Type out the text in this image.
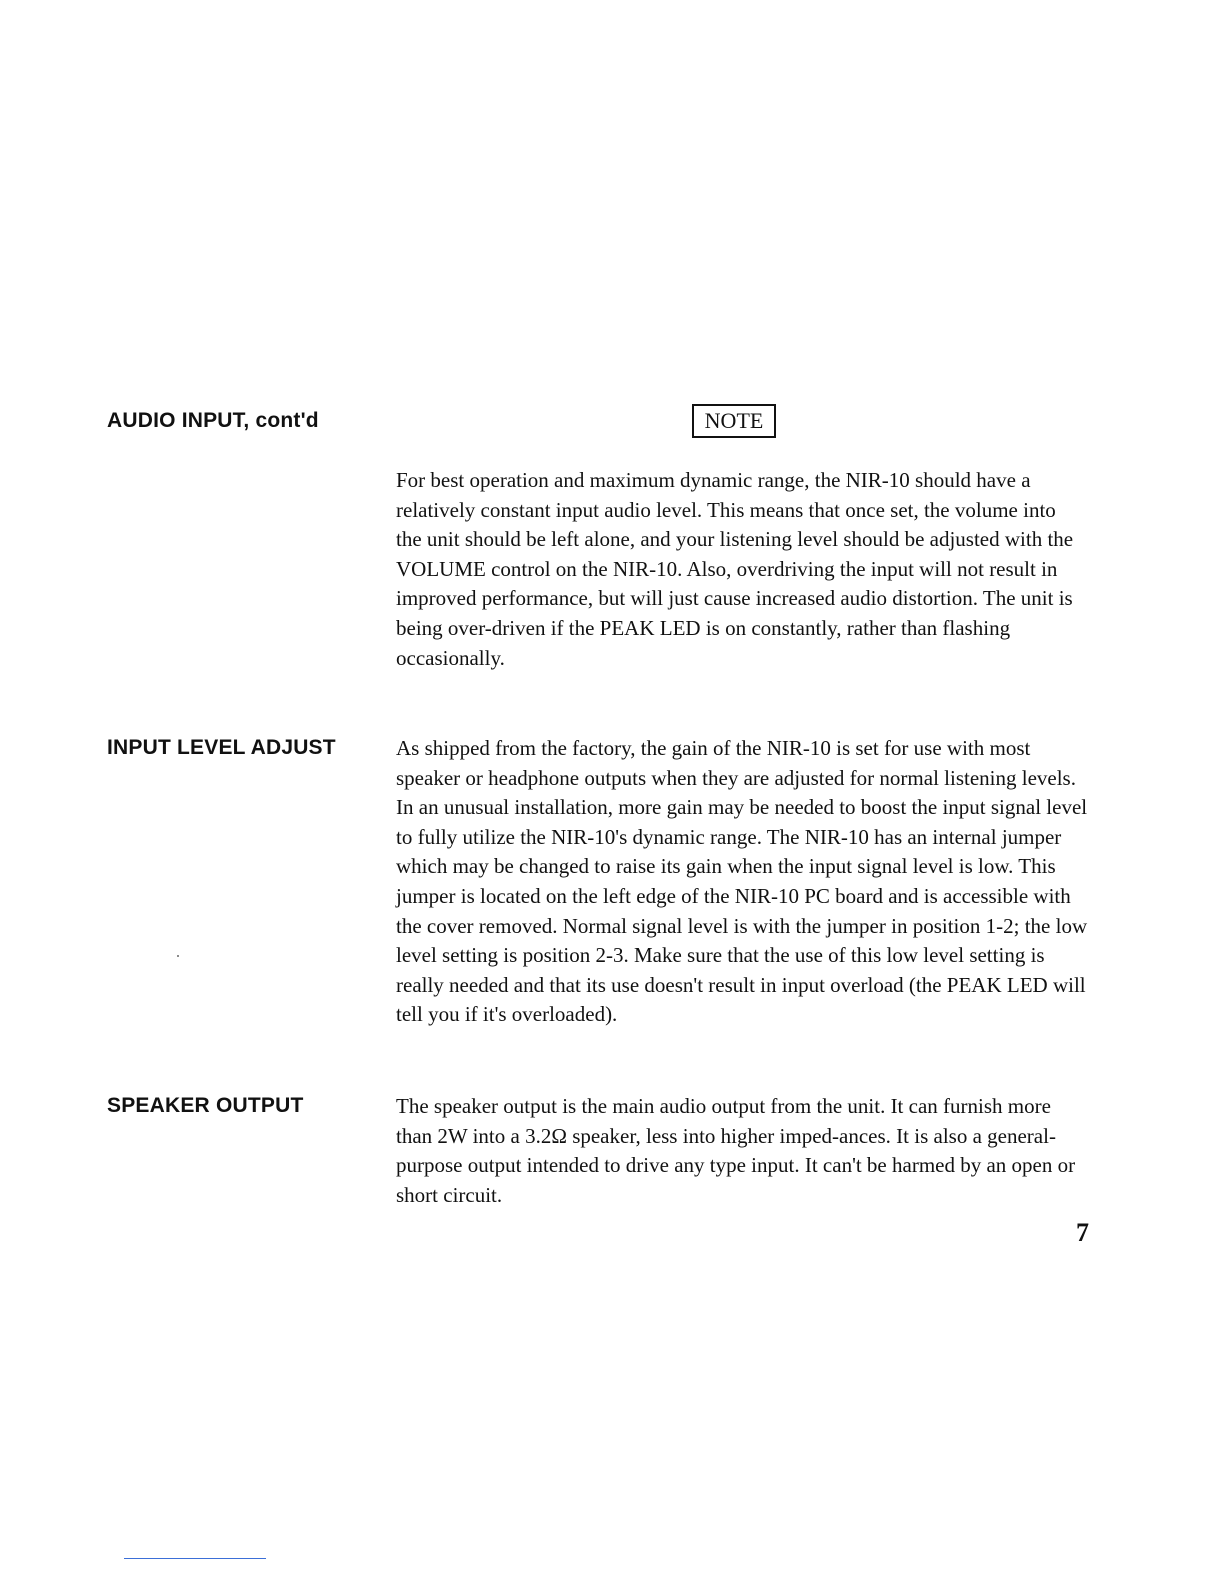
AUDIO INPUT, cont'd	NOTE

For best operation and maximum dynamic range, the NIR-10 should have a relatively constant input audio level. This means that once set, the volume into the unit should be left alone, and your listening level should be adjusted with the VOLUME control on the NIR-10. Also, overdriving the input will not result in improved performance, but will just cause increased audio distortion. The unit is being over-driven if the PEAK LED is on constantly, rather than flashing occasionally.

INPUT LEVEL ADJUST	As shipped from the factory, the gain of the NIR-10 is set for use with most speaker or headphone outputs when they are adjusted for normal listening levels. In an unusual installation, more gain may be needed to boost the input signal level to fully utilize the NIR-10's dynamic range. The NIR-10 has an internal jumper which may be changed to raise its gain when the input signal level is low. This jumper is located on the left edge of the NIR-10 PC board and is accessible with the cover removed. Normal signal level is with the jumper in position 1-2; the low level setting is position 2-3. Make sure that the use of this low level setting is really needed and that its use doesn't result in input overload (the PEAK LED will tell you if it's overloaded).

SPEAKER OUTPUT	The speaker output is the main audio output from the unit. It can furnish more than 2W into a 3.2Ω speaker, less into higher imped-ances. It is also a general-purpose output intended to drive any type input. It can't be harmed by an open or short circuit.

7
